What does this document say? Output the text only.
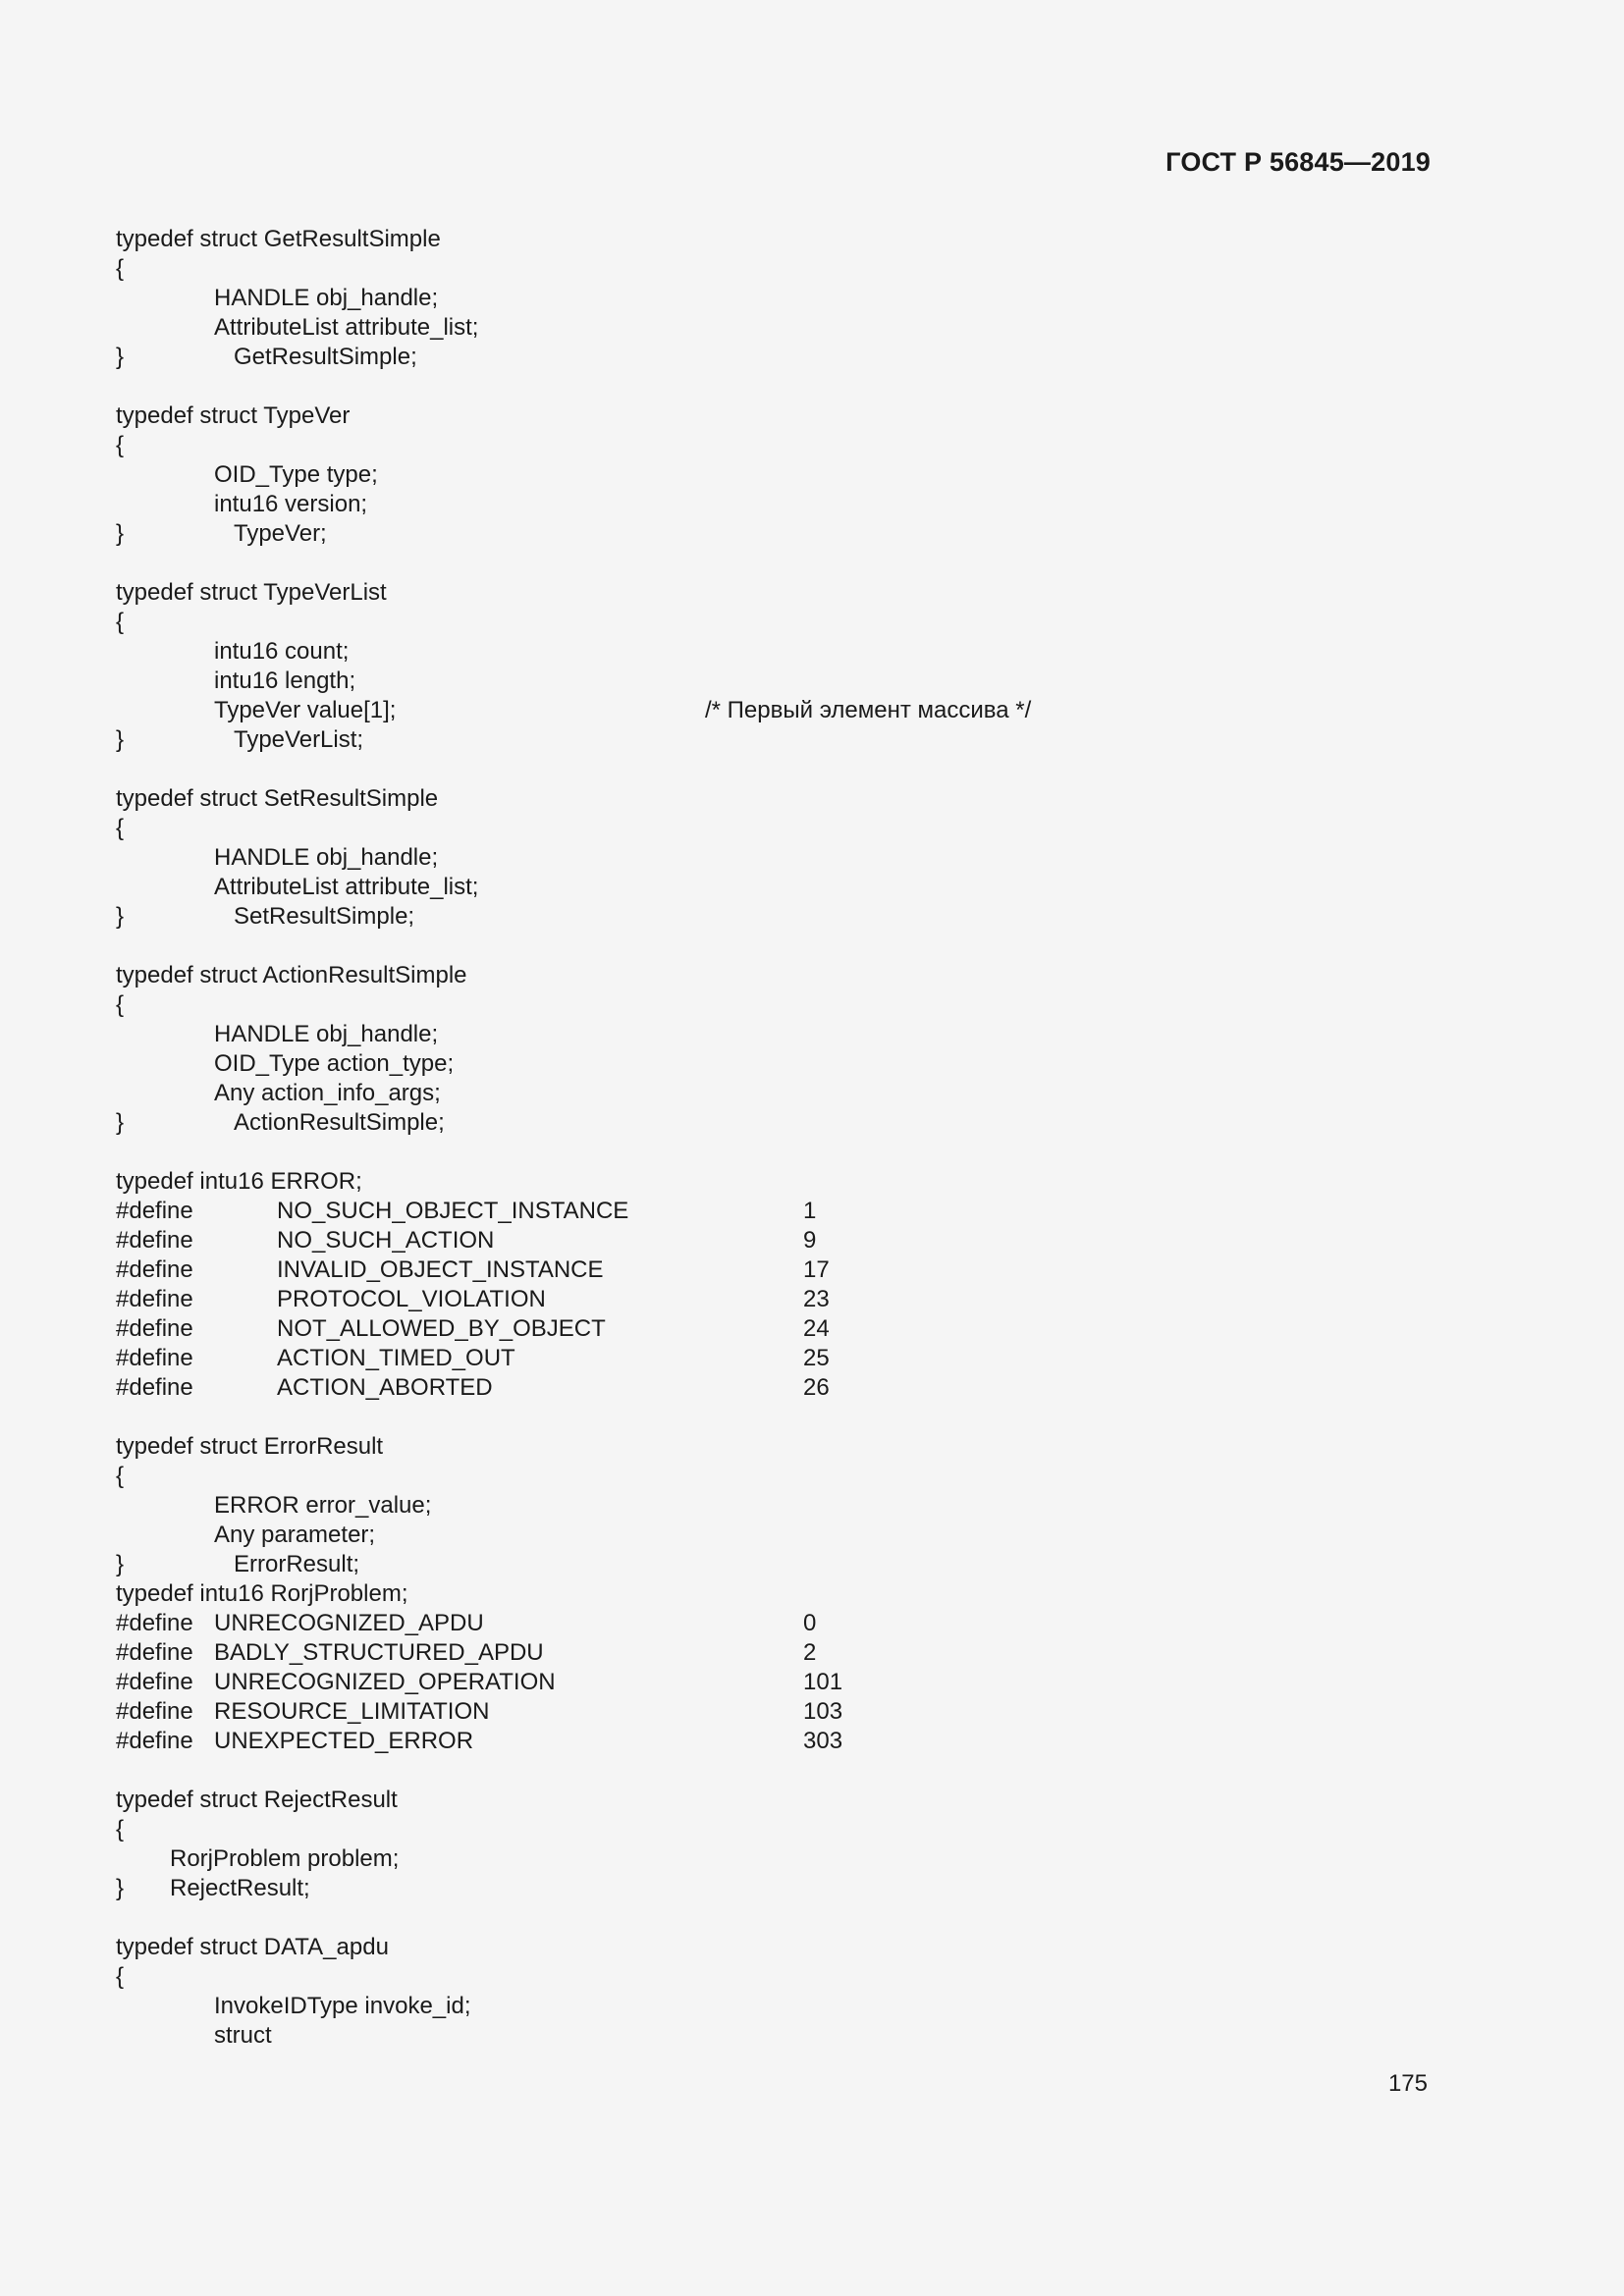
ГОСТ Р 56845—2019
typedef struct GetResultSimple
{
HANDLE obj_handle;
AttributeList attribute_list;
}	GetResultSimple;
typedef struct TypeVer
{
OID_Type type;
intu16 version;
}	TypeVer;
typedef struct TypeVerList
{
intu16 count;
intu16 length;
TypeVer value[1];	/* Первый элемент массива */
}	TypeVerList;
typedef struct SetResultSimple
{
HANDLE obj_handle;
AttributeList attribute_list;
}	SetResultSimple;
typedef struct ActionResultSimple
{
HANDLE obj_handle;
OID_Type action_type;
Any action_info_args;
}	ActionResultSimple;
typedef intu16 ERROR;
#define	NO_SUCH_OBJECT_INSTANCE	1
#define	NO_SUCH_ACTION	9
#define	INVALID_OBJECT_INSTANCE	17
#define	PROTOCOL_VIOLATION	23
#define	NOT_ALLOWED_BY_OBJECT	24
#define	ACTION_TIMED_OUT	25
#define	ACTION_ABORTED	26
typedef struct ErrorResult
{
ERROR error_value;
Any parameter;
}	ErrorResult;
typedef intu16 RorjProblem;
#define UNRECOGNIZED_APDU	0
#define BADLY_STRUCTURED_APDU	2
#define UNRECOGNIZED_OPERATION	101
#define RESOURCE_LIMITATION	103
#define UNEXPECTED_ERROR	303
typedef struct RejectResult
{
RorjProblem problem;
} RejectResult;
typedef struct DATA_apdu
{
InvokeIDType invoke_id;
struct
175
